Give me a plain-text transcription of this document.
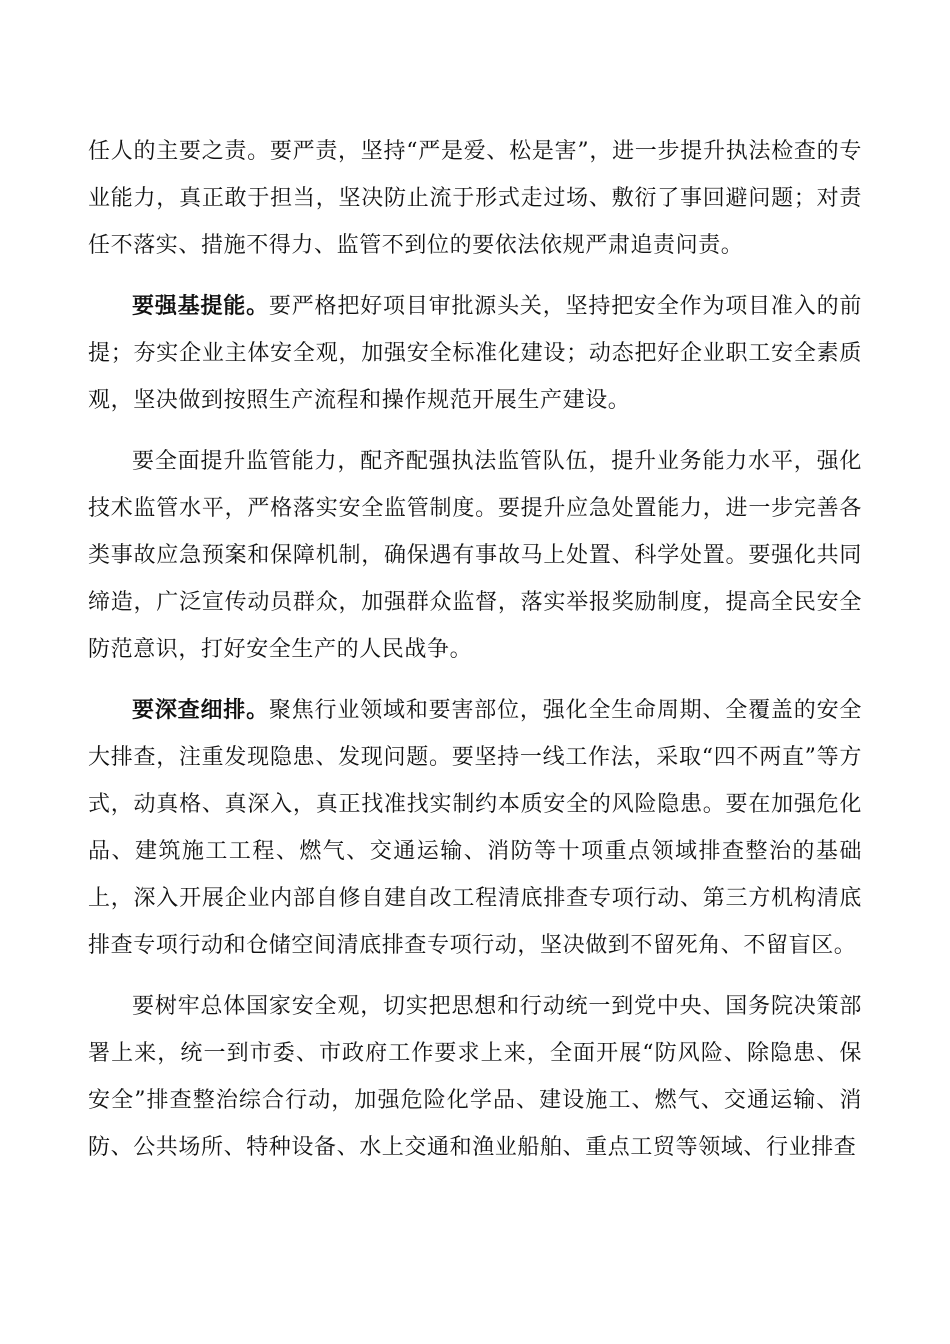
任人的主要之责。要严责，坚持“严是爱、松是害”，进一步提升执法检查的专业能力，真正敢于担当，坚决防止流于形式走过场、敷衍了事回避问题；对责任不落实、措施不得力、监管不到位的要依法依规严肃追责问责。

要强基提能。要严格把好项目审批源头关，坚持把安全作为项目准入的前提；夯实企业主体安全观，加强安全标准化建设；动态把好企业职工安全素质观，坚决做到按照生产流程和操作规范开展生产建设。

要全面提升监管能力，配齐配强执法监管队伍，提升业务能力水平，强化技术监管水平，严格落实安全监管制度。要提升应急处置能力，进一步完善各类事故应急预案和保障机制，确保遇有事故马上处置、科学处置。要强化共同缔造，广泛宣传动员群众，加强群众监督，落实举报奖励制度，提高全民安全防范意识，打好安全生产的人民战争。

要深查细排。聚焦行业领域和要害部位，强化全生命周期、全覆盖的安全大排查，注重发现隐患、发现问题。要坚持一线工作法，采取“四不两直”等方式，动真格、真深入，真正找准找实制约本质安全的风险隐患。要在加强危化品、建筑施工工程、燃气、交通运输、消防等十项重点领域排查整治的基础上，深入开展企业内部自修自建自改工程清底排查专项行动、第三方机构清底排查专项行动和仓储空间清底排查专项行动，坚决做到不留死角、不留盲区。

要树牢总体国家安全观，切实把思想和行动统一到党中央、国务院决策部署上来，统一到市委、市政府工作要求上来，全面开展“防风险、除隐患、保安全”排查整治综合行动，加强危险化学品、建设施工、燃气、交通运输、消防、公共场所、特种设备、水上交通和渔业船舶、重点工贸等领域、行业排查
